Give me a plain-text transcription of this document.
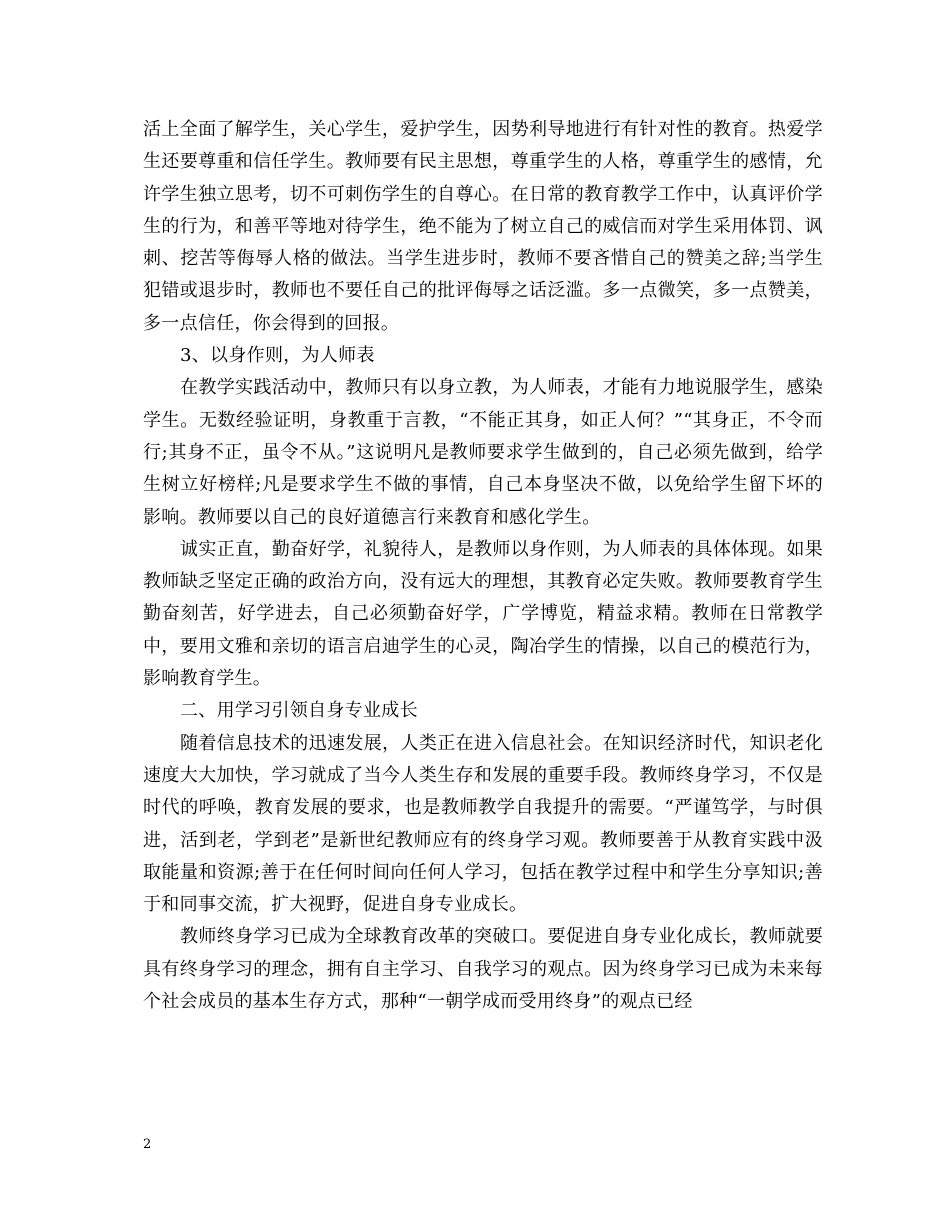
活上全面了解学生，关心学生，爱护学生，因势利导地进行有针对性的教育。热爱学生还要尊重和信任学生。教师要有民主思想，尊重学生的人格，尊重学生的感情，允许学生独立思考，切不可刺伤学生的自尊心。在日常的教育教学工作中，认真评价学生的行为，和善平等地对待学生，绝不能为了树立自己的威信而对学生采用体罚、讽刺、挖苦等侮辱人格的做法。当学生进步时，教师不要吝惜自己的赞美之辞;当学生犯错或退步时，教师也不要任自己的批评侮辱之话泛滥。多一点微笑，多一点赞美，多一点信任，你会得到的回报。

3、以身作则，为人师表

在教学实践活动中，教师只有以身立教，为人师表，才能有力地说服学生，感染学生。无数经验证明，身教重于言教，“不能正其身，如正人何？”“其身正，不令而行;其身不正，虽令不从。”这说明凡是教师要求学生做到的，自己必须先做到，给学生树立好榜样;凡是要求学生不做的事情，自己本身坚决不做，以免给学生留下坏的影响。教师要以自己的良好道德言行来教育和感化学生。

诚实正直，勤奋好学，礼貌待人，是教师以身作则，为人师表的具体体现。如果教师缺乏坚定正确的政治方向，没有远大的理想，其教育必定失败。教师要教育学生勤奋刻苦，好学进去，自己必须勤奋好学，广学博览，精益求精。教师在日常教学中，要用文雅和亲切的语言启迪学生的心灵，陶冶学生的情操，以自己的模范行为，影响教育学生。

二、用学习引领自身专业成长

随着信息技术的迅速发展，人类正在进入信息社会。在知识经济时代，知识老化速度大大加快，学习就成了当今人类生存和发展的重要手段。教师终身学习，不仅是时代的呼唤，教育发展的要求，也是教师教学自我提升的需要。“严谨笃学，与时俱进，活到老，学到老”是新世纪教师应有的终身学习观。教师要善于从教育实践中汲取能量和资源;善于在任何时间向任何人学习，包括在教学过程中和学生分享知识;善于和同事交流，扩大视野，促进自身专业成长。

教师终身学习已成为全球教育改革的突破口。要促进自身专业化成长，教师就要具有终身学习的理念，拥有自主学习、自我学习的观点。因为终身学习已成为未来每个社会成员的基本生存方式，那种“一朝学成而受用终身”的观点已经

2
